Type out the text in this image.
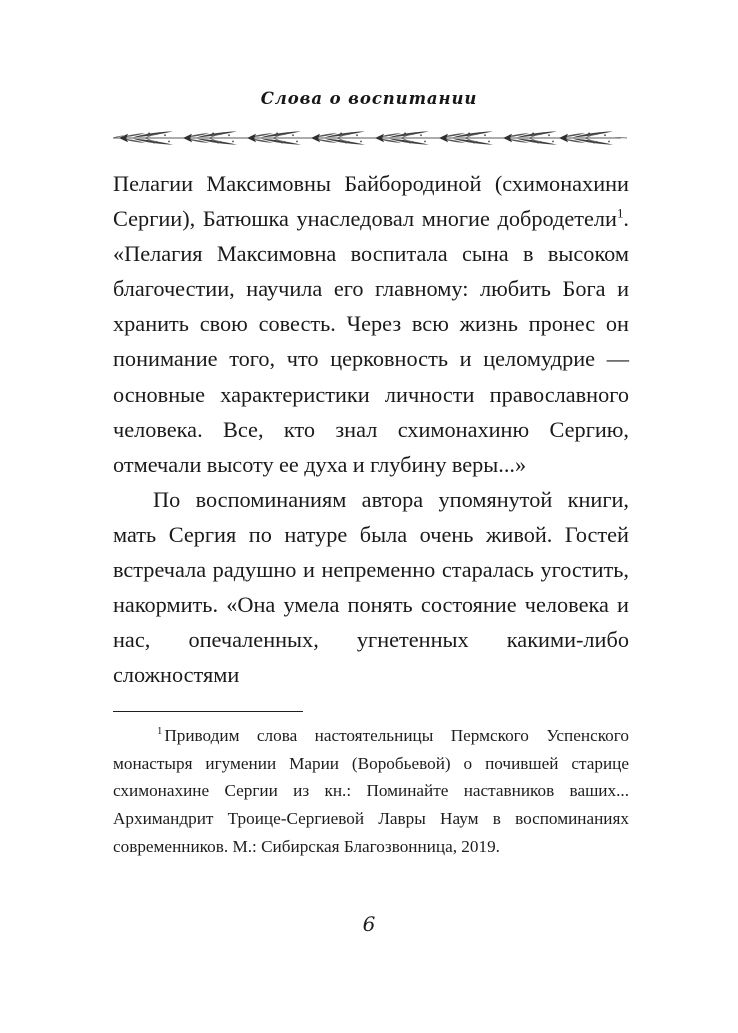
Слова о воспитании

Пелагии Максимовны Байбородиной (схимонахини Сергии), Батюшка унаследовал многие добродетели$^1$. «Пелагия Максимовна воспитала сына в высоком благочестии, научила его главному: любить Бога и хранить свою совесть. Через всю жизнь пронес он понимание того, что церковность и целомудрие — основные характеристики личности православного человека. Все, кто знал схимонахиню Сергию, отмечали высоту ее духа и глубину веры...»

По воспоминаниям автора упомянутой книги, мать Сергия по натуре была очень живой. Гостей встречала радушно и непременно старалась угостить, накормить. «Она умела понять состояние человека и нас, опечаленных, угнетенных какими-либо сложностями

$^1$ Приводим слова настоятельницы Пермского Успенского монастыря игумении Марии (Воробьевой) о почившей старице схимонахине Сергии из кн.: Поминайте наставников ваших... Архимандрит Троице-Сергиевой Лавры Наум в воспоминаниях современников. М.: Сибирская Благозвонница, 2019.

6
